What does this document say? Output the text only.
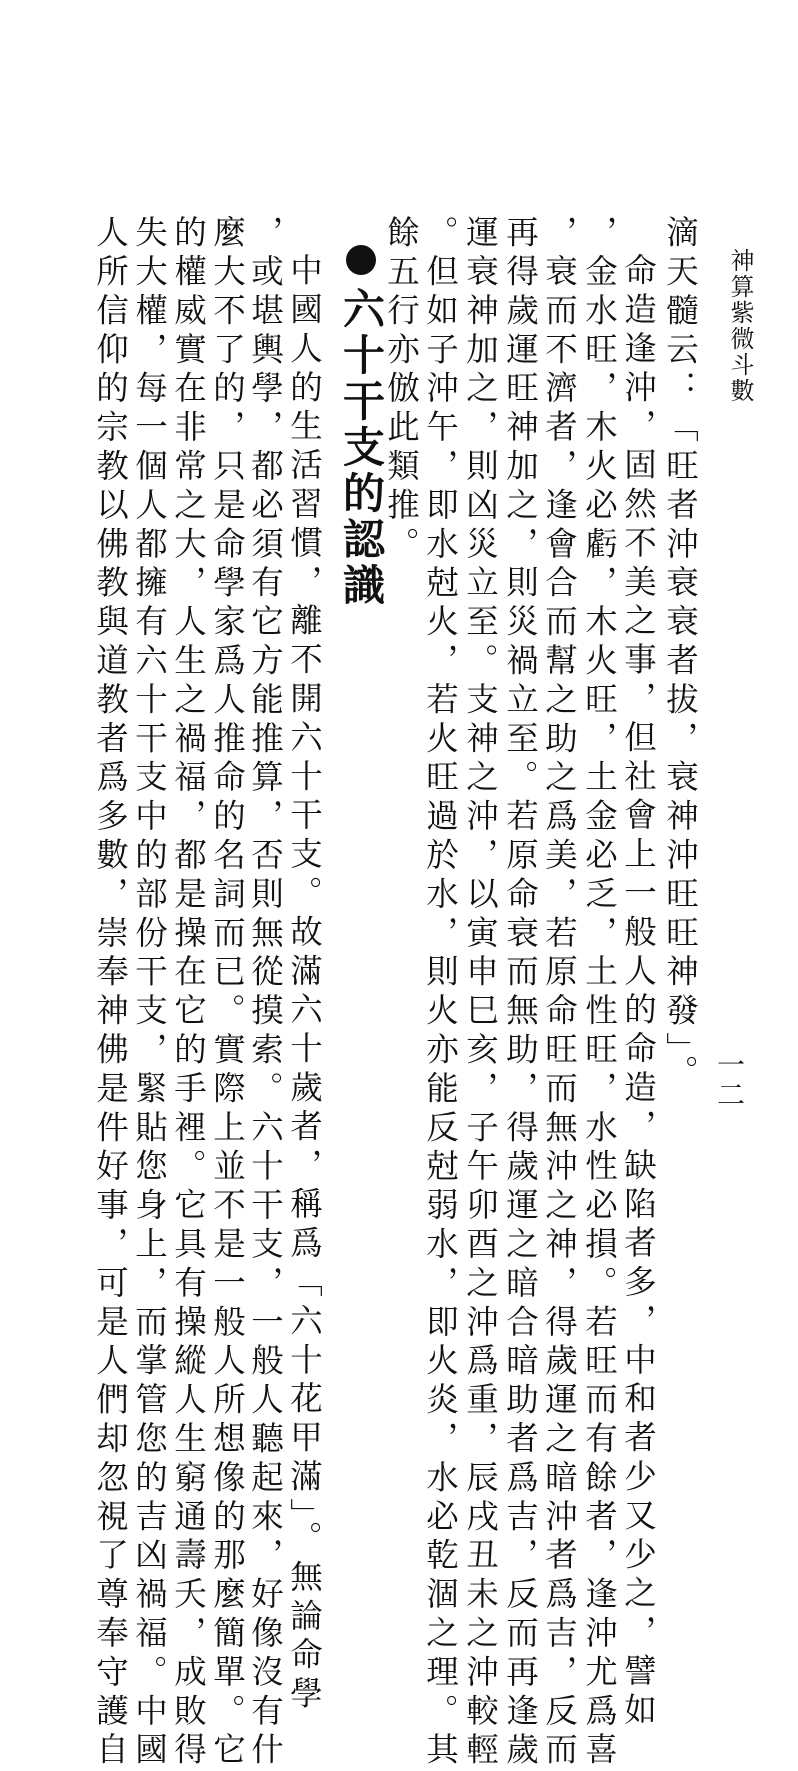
神算紫微斗數
一二
滴天髓云：「旺者沖衰衰者拔，衰神沖旺旺神發」。
命造逢沖，固然不美之事，但社會上一般人的命造，缺陷者多，中和者少又少之，譬如
，金水旺，木火必虧，木火旺，土金必乏，土性旺，水性必損。若旺而有餘者，逢沖尤爲喜
，衰而不濟者，逢會合而幫之助之爲美，若原命旺而無沖之神，得歲運之暗沖者爲吉，反而
再得歲運旺神加之，則災禍立至。若原命衰而無助，得歲運之暗合暗助者爲吉，反而再逢歲
運衰神加之，則凶災立至。支神之沖，以寅申巳亥，子午卯酉之沖爲重，辰戌丑未之沖較輕
。但如子沖午，即水尅火，若火旺過於水，則火亦能反尅弱水，即火炎，水必乾涸之理。其
餘五行亦倣此類推。
六十干支的認識
中國人的生活習慣，離不開六十干支。故滿六十歲者，稱爲「六十花甲滿」。無論命學
，或堪輿學，都必須有它方能推算，否則無從摸索。六十干支，一般人聽起來，好像沒有什
麼大不了的，只是命學家爲人推命的名詞而已。實際上並不是一般人所想像的那麼簡單。它
的權威實在非常之大，人生之禍福，都是操在它的手裡。它具有操縱人生窮通壽夭，成敗得
失大權，每一個人都擁有六十干支中的部份干支，緊貼您身上，而掌管您的吉凶禍福。中國
人所信仰的宗教以佛教與道教者爲多數，崇奉神佛是件好事，可是人們却忽視了尊奉守護自
